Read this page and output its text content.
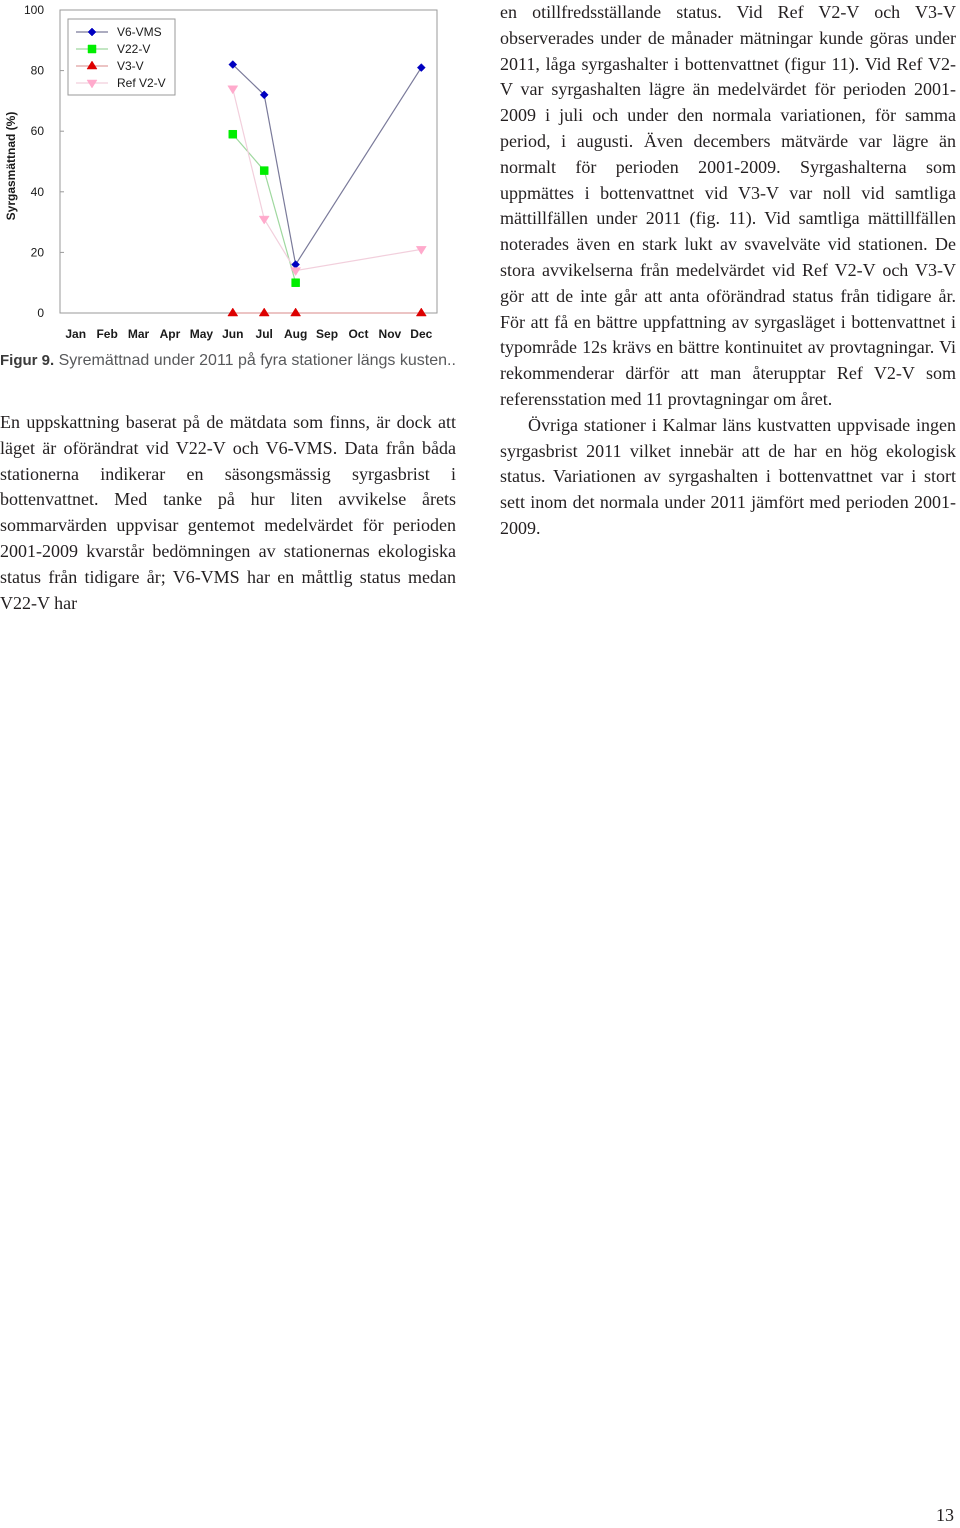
0
20
40
60
80
100
Jan Feb Mar Apr May Jun Jul Aug Sep Oct Nov Dec
V6-VMS
V22-V
V3-V
Ref V2-V
Syrgasmättnad (%)
Figur 9. Syremättnad under 2011 på fyra stationer längs kusten..

En uppskattning baserat på de mätdata som finns, är dock att läget är oförändrat vid V22-V och V6-VMS. Data från båda stationerna indikerar en säsongsmässig syrgasbrist i bottenvattnet. Med tanke på hur liten avvikelse årets sommarvärden uppvisar gentemot medelvärdet för perioden 2001-2009 kvarstår bedömningen av stationernas ekologiska status från tidigare år; V6-VMS har en måttlig status medan V22-V har

en otillfredsställande status. Vid Ref V2-V och V3-V observerades under de månader mätningar kunde göras under 2011, låga syrgashalter i bottenvattnet (figur 11). Vid Ref V2-V var syrgashalten lägre än medelvärdet för perioden 2001-2009 i juli och under den normala variationen, för samma period, i augusti. Även decembers mätvärde var lägre än normalt för perioden 2001-2009. Syrgashalterna som uppmättes i bottenvattnet vid V3-V var noll vid samtliga mättillfällen under 2011 (fig. 11). Vid samtliga mättillfällen noterades även en stark lukt av svavelväte vid stationen. De stora avvikelserna från medelvärdet vid Ref V2-V och V3-V gör att de inte går att anta oförändrad status från tidigare år. För att få en bättre uppfattning av syrgasläget i bottenvattnet i typområde 12s krävs en bättre kontinuitet av provtagningar. Vi rekommenderar därför att man återupptar Ref V2-V som referensstation med 11 provtagningar om året.

Övriga stationer i Kalmar läns kustvatten uppvisade ingen syrgasbrist 2011 vilket innebär att de har en hög ekologisk status. Variationen av syrgashalten i bottenvattnet var i stort sett inom det normala under 2011 jämfört med perioden 2001-2009.

13
